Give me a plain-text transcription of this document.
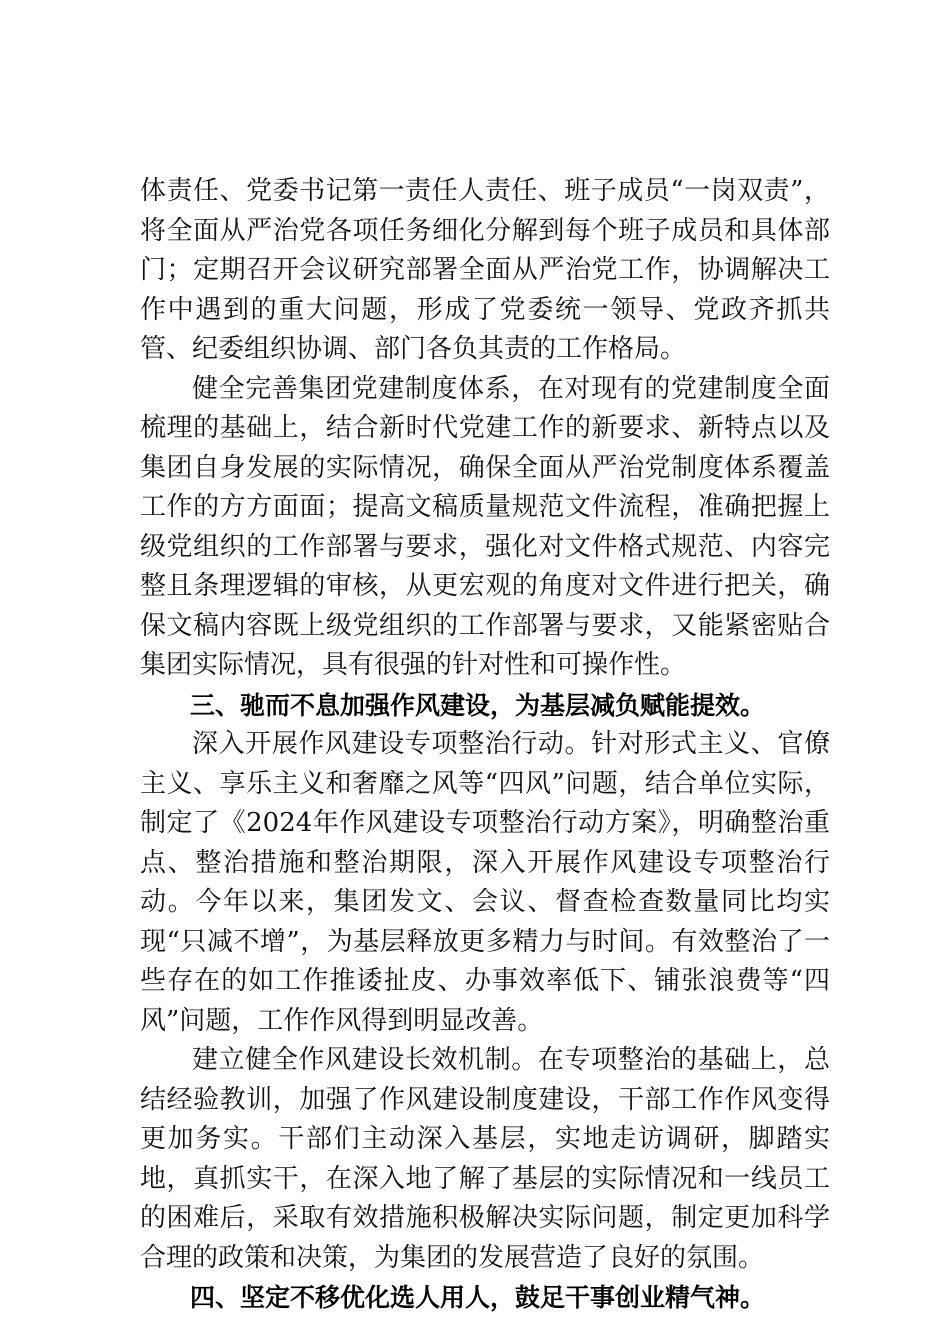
体责任、党委书记第一责任人责任、班子成员“一岗双责”，将全面从严治党各项任务细化分解到每个班子成员和具体部门；定期召开会议研究部署全面从严治党工作，协调解决工作中遇到的重大问题，形成了党委统一领导、党政齐抓共管、纪委组织协调、部门各负其责的工作格局。

健全完善集团党建制度体系，在对现有的党建制度全面梳理的基础上，结合新时代党建工作的新要求、新特点以及集团自身发展的实际情况，确保全面从严治党制度体系覆盖工作的方方面面；提高文稿质量规范文件流程，准确把握上级党组织的工作部署与要求，强化对文件格式规范、内容完整且条理逻辑的审核，从更宏观的角度对文件进行把关，确保文稿内容既上级党组织的工作部署与要求，又能紧密贴合集团实际情况，具有很强的针对性和可操作性。

三、驰而不息加强作风建设，为基层减负赋能提效。

深入开展作风建设专项整治行动。针对形式主义、官僚主义、享乐主义和奢靡之风等“四风”问题，结合单位实际，制定了《2024年作风建设专项整治行动方案》，明确整治重点、整治措施和整治期限，深入开展作风建设专项整治行动。今年以来，集团发文、会议、督查检查数量同比均实现“只减不增”，为基层释放更多精力与时间。有效整治了一些存在的如工作推诿扯皮、办事效率低下、铺张浪费等“四风”问题，工作作风得到明显改善。

建立健全作风建设长效机制。在专项整治的基础上，总结经验教训，加强了作风建设制度建设，干部工作作风变得更加务实。干部们主动深入基层，实地走访调研，脚踏实地，真抓实干，在深入地了解了基层的实际情况和一线员工的困难后，采取有效措施积极解决实际问题，制定更加科学合理的政策和决策，为集团的发展营造了良好的氛围。

四、坚定不移优化选人用人，鼓足干事创业精气神。
